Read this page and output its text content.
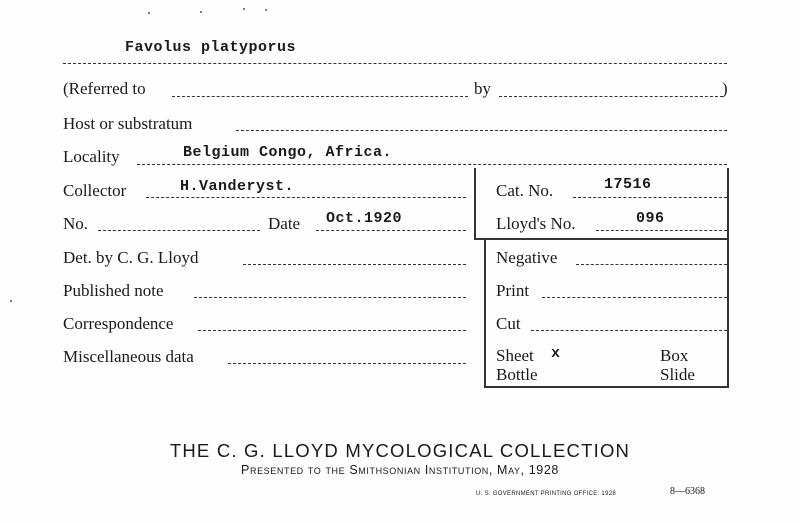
Favolus platyporus
(Referred to	by	)
Host or substratum
Locality	Belgium Congo, Africa.
Collector	H.Vanderyst.
No.	Date Oct.1920
Det. by C. G. Lloyd
Published note
Correspondence
Miscellaneous data
Cat. No.	17516
Lloyd's No.	096
Negative
Print
Cut
Sheet x	Box
Bottle	Slide
THE C. G. LLOYD MYCOLOGICAL COLLECTION
Presented to the Smithsonian Institution, May, 1928
U. S. GOVERNMENT PRINTING OFFICE: 1928	8—6368
